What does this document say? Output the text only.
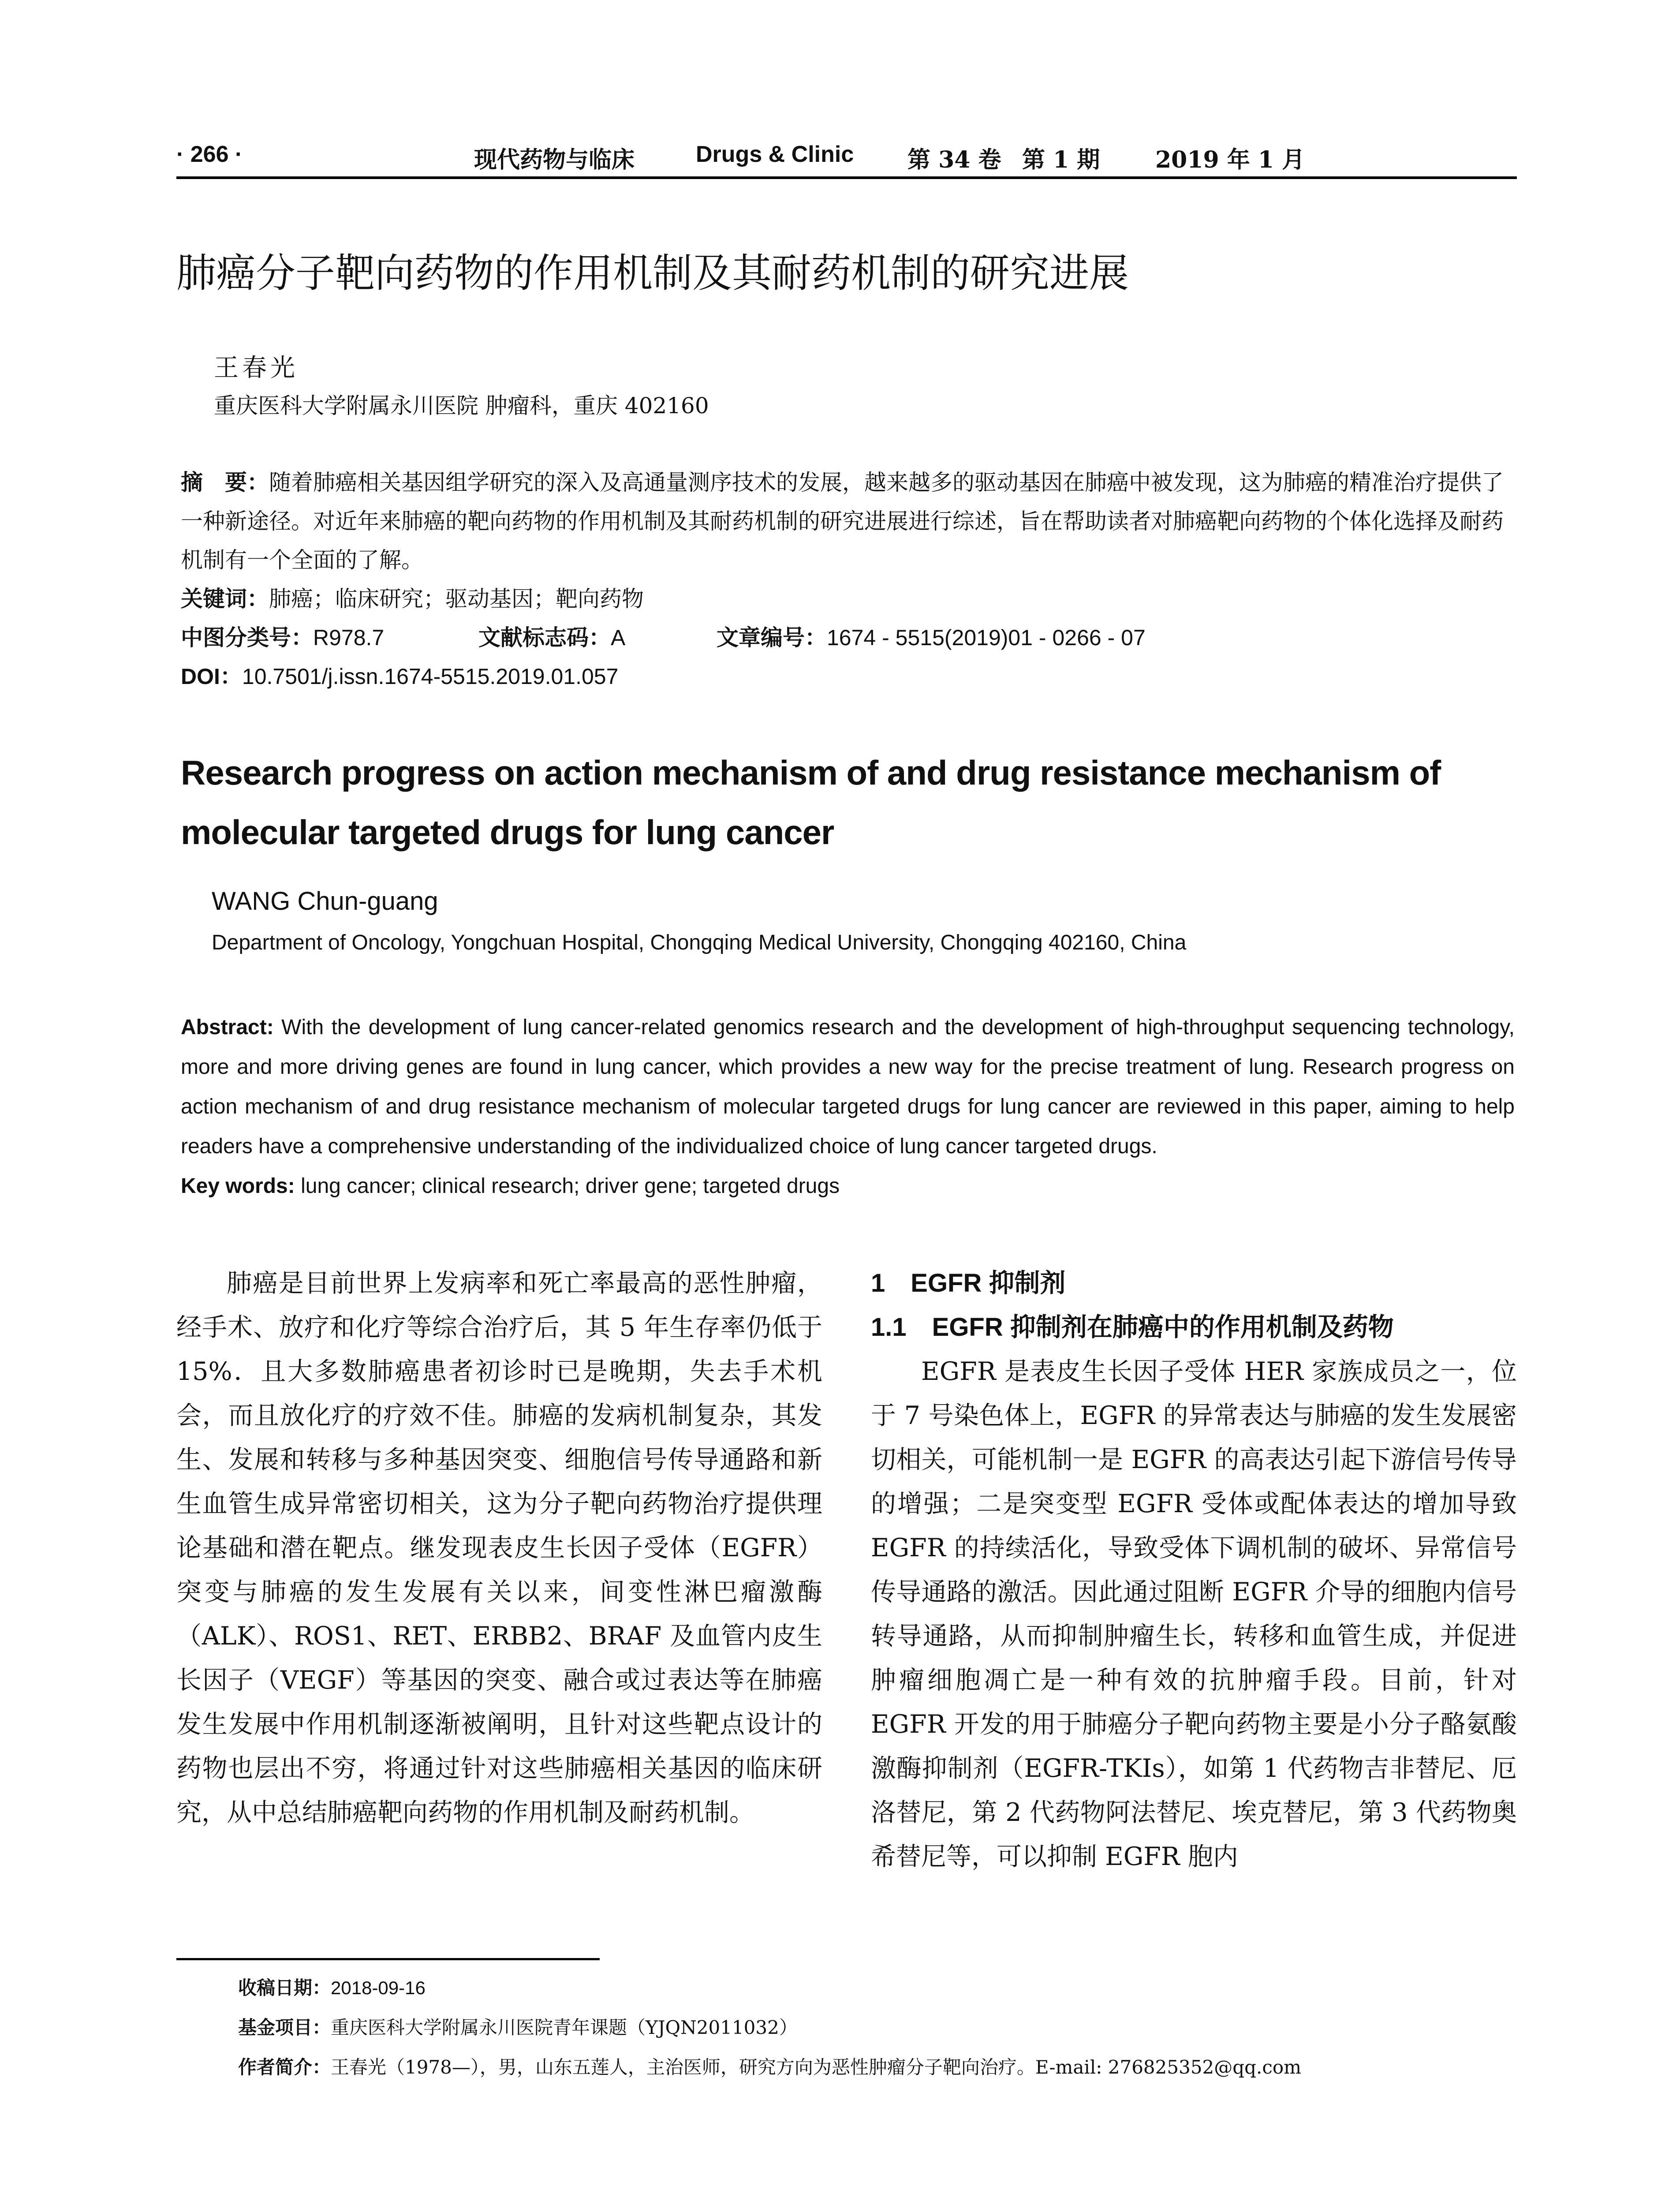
· 266 ·	现代药物与临床	Drugs & Clinic 第 34 卷 第 1 期 2019 年 1 月
肺癌分子靶向药物的作用机制及其耐药机制的研究进展
王春光
重庆医科大学附属永川医院 肿瘤科，重庆 402160

摘　要：随着肺癌相关基因组学研究的深入及高通量测序技术的发展，越来越多的驱动基因在肺癌中被发现，这为肺癌的精准治疗提供了一种新途径。对近年来肺癌的靶向药物的作用机制及其耐药机制的研究进展进行综述，旨在帮助读者对肺癌靶向药物的个体化选择及耐药机制有一个全面的了解。

关键词：肺癌；临床研究；驱动基因；靶向药物

中图分类号：R978.7	文献标志码：A	文章编号：1674 - 5515(2019)01 - 0266 - 07

DOI：10.7501/j.issn.1674-5515.2019.01.057

Research progress on action mechanism of and drug resistance mechanism of molecular targeted drugs for lung cancer
WANG Chun-guang
Department of Oncology, Yongchuan Hospital, Chongqing Medical University, Chongqing 402160, China

Abstract: With the development of lung cancer-related genomics research and the development of high-throughput sequencing technology, more and more driving genes are found in lung cancer, which provides a new way for the precise treatment of lung. Research progress on action mechanism of and drug resistance mechanism of molecular targeted drugs for lung cancer are reviewed in this paper, aiming to help readers have a comprehensive understanding of the individualized choice of lung cancer targeted drugs.

Key words: lung cancer; clinical research; driver gene; targeted drugs

肺癌是目前世界上发病率和死亡率最高的恶性肿瘤，经手术、放疗和化疗等综合治疗后，其 5 年生存率仍低于 15%．且大多数肺癌患者初诊时已是晚期，失去手术机会，而且放化疗的疗效不佳。肺癌的发病机制复杂，其发生、发展和转移与多种基因突变、细胞信号传导通路和新生血管生成异常密切相关，这为分子靶向药物治疗提供理论基础和潜在靶点。继发现表皮生长因子受体（EGFR）突变与肺癌的发生发展有关以来，间变性淋巴瘤激酶（ALK）、ROS1、RET、ERBB2、BRAF 及血管内皮生长因子（VEGF）等基因的突变、融合或过表达等在肺癌发生发展中作用机制逐渐被阐明，且针对这些靶点设计的药物也层出不穷，将通过针对这些肺癌相关基因的临床研究，从中总结肺癌靶向药物的作用机制及耐药机制。

1　EGFR 抑制剂

1.1　EGFR 抑制剂在肺癌中的作用机制及药物

EGFR 是表皮生长因子受体 HER 家族成员之一，位于 7 号染色体上，EGFR 的异常表达与肺癌的发生发展密切相关，可能机制一是 EGFR 的高表达引起下游信号传导的增强；二是突变型 EGFR 受体或配体表达的增加导致 EGFR 的持续活化，导致受体下调机制的破坏、异常信号传导通路的激活。因此通过阻断 EGFR 介导的细胞内信号转导通路，从而抑制肿瘤生长，转移和血管生成，并促进肿瘤细胞凋亡是一种有效的抗肿瘤手段。目前，针对 EGFR 开发的用于肺癌分子靶向药物主要是小分子酪氨酸激酶抑制剂（EGFR-TKIs），如第 1 代药物吉非替尼、厄洛替尼，第 2 代药物阿法替尼、埃克替尼，第 3 代药物奥希替尼等，可以抑制 EGFR 胞内

收稿日期：2018-09-16
基金项目：重庆医科大学附属永川医院青年课题（YJQN2011032）
作者简介：王春光（1978—），男，山东五莲人，主治医师，研究方向为恶性肿瘤分子靶向治疗。E-mail: 276825352@qq.com
